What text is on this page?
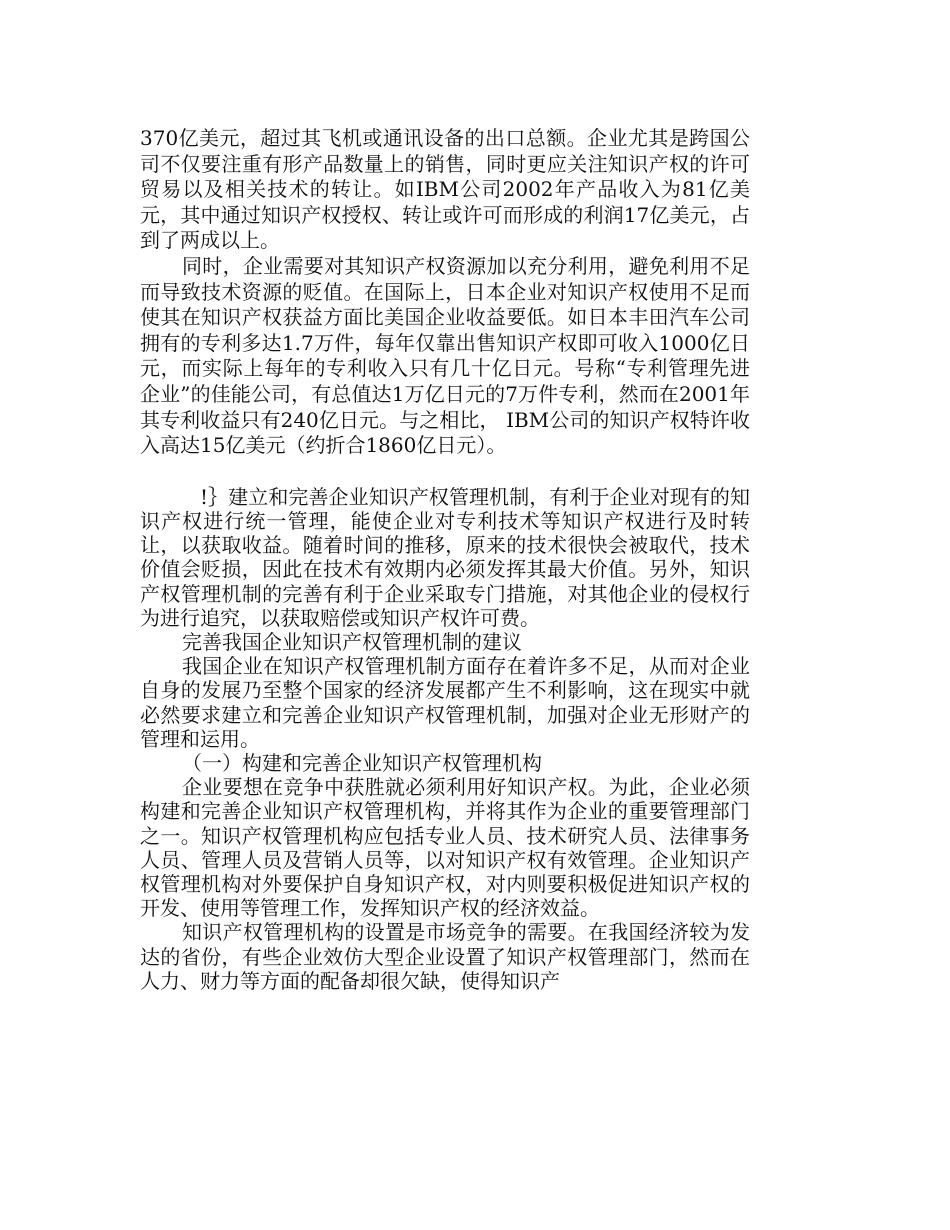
370亿美元，超过其飞机或通讯设备的出口总额。企业尤其是跨国公司不仅要注重有形产品数量上的销售，同时更应关注知识产权的许可贸易以及相关技术的转让。如IBM公司2002年产品收入为81亿美元，其中通过知识产权授权、转让或许可而形成的利润17亿美元，占到了两成以上。

同时，企业需要对其知识产权资源加以充分利用，避免利用不足而导致技术资源的贬值。在国际上，日本企业对知识产权使用不足而使其在知识产权获益方面比美国企业收益要低。如日本丰田汽车公司拥有的专利多达1.7万件，每年仅靠出售知识产权即可收入1000亿日元，而实际上每年的专利收入只有几十亿日元。号称“专利管理先进企业”的佳能公司，有总值达1万亿日元的7万件专利，然而在2001年其专利收益只有240亿日元。与之相比， IBM公司的知识产权特许收入高达15亿美元（约折合1860亿日元）。

!｝建立和完善企业知识产权管理机制，有利于企业对现有的知识产权进行统一管理，能使企业对专利技术等知识产权进行及时转让，以获取收益。随着时间的推移，原来的技术很快会被取代，技术价值会贬损，因此在技术有效期内必须发挥其最大价值。另外，知识产权管理机制的完善有利于企业采取专门措施，对其他企业的侵权行为进行追究，以获取赔偿或知识产权许可费。

完善我国企业知识产权管理机制的建议

我国企业在知识产权管理机制方面存在着许多不足，从而对企业自身的发展乃至整个国家的经济发展都产生不利影响，这在现实中就必然要求建立和完善企业知识产权管理机制，加强对企业无形财产的管理和运用。

（一）构建和完善企业知识产权管理机构

企业要想在竞争中获胜就必须利用好知识产权。为此，企业必须构建和完善企业知识产权管理机构，并将其作为企业的重要管理部门之一。知识产权管理机构应包括专业人员、技术研究人员、法律事务人员、管理人员及营销人员等，以对知识产权有效管理。企业知识产权管理机构对外要保护自身知识产权，对内则要积极促进知识产权的开发、使用等管理工作，发挥知识产权的经济效益。

知识产权管理机构的设置是市场竞争的需要。在我国经济较为发达的省份，有些企业效仿大型企业设置了知识产权管理部门，然而在人力、财力等方面的配备却很欠缺，使得知识产
